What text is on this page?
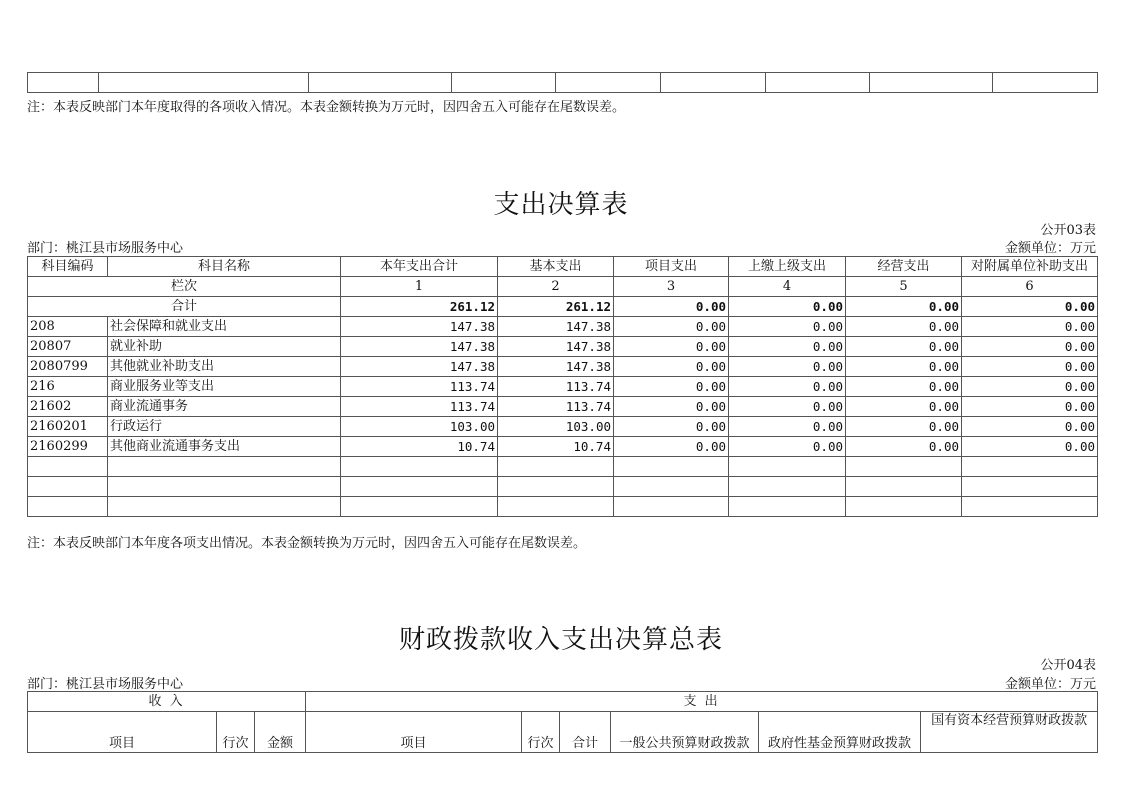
注：本表反映部门本年度取得的各项收入情况。本表金额转换为万元时，因四舍五入可能存在尾数误差。
支出决算表
公开03表
部门：桃江县市场服务中心	金额单位：万元
科目编码	科目名称	本年支出合计	基本支出	项目支出	上缴上级支出	经营支出	对附属单位补助支出
栏次		1	2	3	4	5	6
合计		261.12	261.12	0.00	0.00	0.00	0.00
208	社会保障和就业支出	147.38	147.38	0.00	0.00	0.00	0.00
20807	就业补助	147.38	147.38	0.00	0.00	0.00	0.00
2080799	其他就业补助支出	147.38	147.38	0.00	0.00	0.00	0.00
216	商业服务业等支出	113.74	113.74	0.00	0.00	0.00	0.00
21602	商业流通事务	113.74	113.74	0.00	0.00	0.00	0.00
2160201	行政运行	103.00	103.00	0.00	0.00	0.00	0.00
2160299	其他商业流通事务支出	10.74	10.74	0.00	0.00	0.00	0.00

注：本表反映部门本年度各项支出情况。本表金额转换为万元时，因四舍五入可能存在尾数误差。
财政拨款收入支出决算总表
公开04表
部门：桃江县市场服务中心	金额单位：万元
收 入			支 出					
项目	行次	金额	项目	行次	合计	一般公共预算财政拨款	政府性基金预算财政拨款	国有资本经营预算财政拨款
